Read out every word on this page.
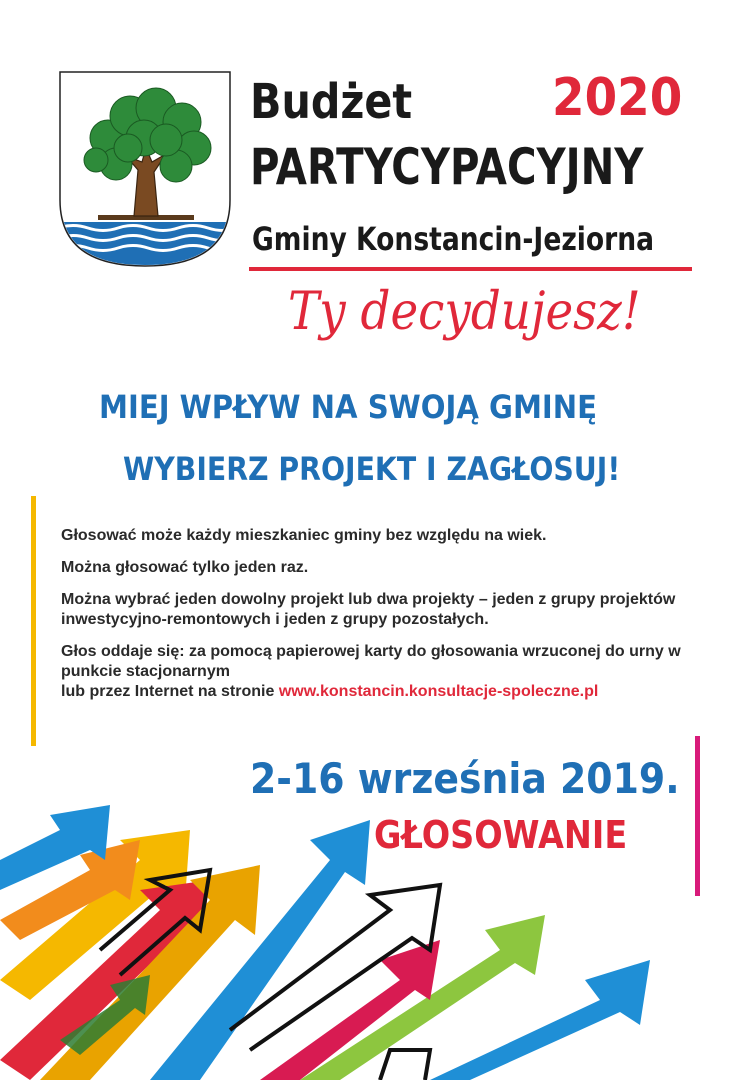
Budżet	2020
PARTYCYPACYJNY
Gminy Konstancin-Jeziorna
Ty decydujesz!
MIEJ WPŁYW NA SWOJĄ GMINĘ
WYBIERZ PROJEKT I ZAGŁOSUJ!

Głosować może każdy mieszkaniec gminy bez względu na wiek.

Można głosować tylko jeden raz.

Można wybrać jeden dowolny projekt lub dwa projekty – jeden z grupy projektów inwestycyjno-remontowych i jeden z grupy pozostałych.

Głos oddaje się: za pomocą papierowej karty do głosowania wrzuconej do urny w punkcie stacjonarnym
lub przez Internet na stronie www.konstancin.konsultacje-spoleczne.pl

2-16 września 2019.
GŁOSOWANIE
